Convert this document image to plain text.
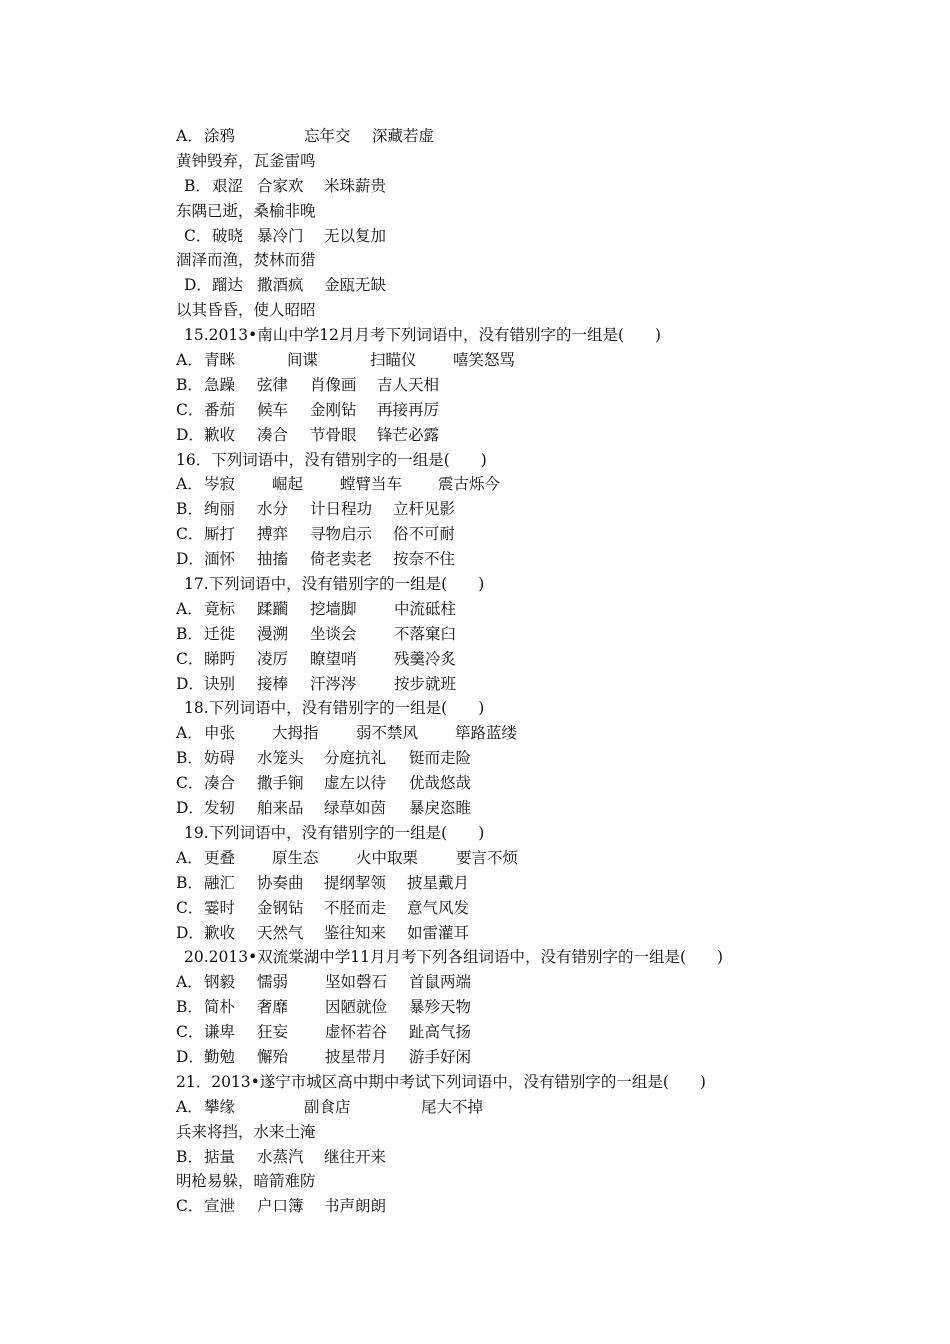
A．涂鸦	忘年交 深藏若虚
黄钟毁弃，瓦釜雷鸣
B．艰涩 合家欢 米珠薪贵
东隅已逝，桑榆非晚
C．破晓 暴冷门 无以复加
涸泽而渔，焚林而猎
D．蹓达 撒酒疯 金瓯无缺
以其昏昏，使人昭昭
15.2013•南山中学12月月考下列词语中，没有错别字的一组是(　　)
A．青眯	间谍	扫瞄仪 嘻笑怒骂
B．急躁 弦律 肖像画 吉人天相
C．番茄 候车 金刚钻 再接再厉
D．歉收 凑合 节骨眼 锋芒必露
16．下列词语中，没有错别字的一组是(　　)
A．岑寂 崛起 螳臂当车 震古烁今
B．绚丽 水分 计日程功 立杆见影
C．厮打 搏弈 寻物启示 俗不可耐
D．湎怀 抽搐 倚老卖老 按奈不住
17.下列词语中，没有错别字的一组是(　　)
A．竟标 蹂躏 挖墙脚 中流砥柱
B．迁徙 漫溯 坐谈会 不落窠臼
C．睇眄 凌厉 瞭望哨 残羹冷炙
D．诀别 接棒 汗涔涔 按步就班
18.下列词语中，没有错别字的一组是(　　)
A．申张 大拇指 弱不禁风 筚路蓝缕
B．妨碍 水笼头 分庭抗礼 铤而走险
C．凑合 撒手锏 虚左以待 优哉悠哉
D．发轫 舶来品 绿草如茵 暴戾恣睢
19.下列词语中，没有错别字的一组是(　　)
A．更叠 原生态 火中取栗 要言不烦
B．融汇 协奏曲 提纲挈领 披星戴月
C．霎时 金钢钻 不胫而走 意气风发
D．歉收 天然气 鉴往知来 如雷灌耳
20.2013•双流棠湖中学11月月考下列各组词语中，没有错别字的一组是(　　)
A．钢毅 懦弱 坚如磬石 首鼠两端
B．简朴 奢靡 因陋就俭 暴殄天物
C．谦卑 狂妄 虚怀若谷 趾高气扬
D．勤勉 懈殆 披星带月 游手好闲
21．2013•遂宁市城区高中期中考试下列词语中，没有错别字的一组是(　　)
A．攀缘	副食店	尾大不掉
兵来将挡，水来土淹
B．掂量 水蒸汽 继往开来
明枪易躲，暗箭难防
C．宣泄 户口簿 书声朗朗
